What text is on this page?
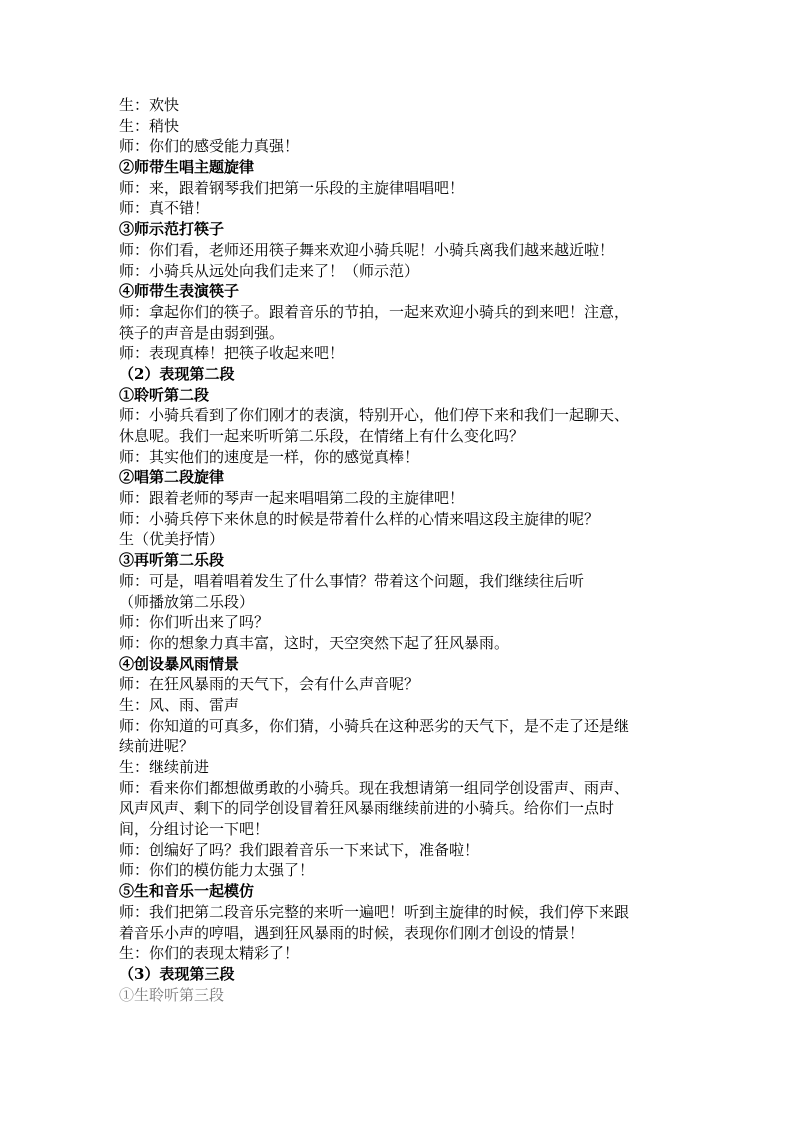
生：欢快
生：稍快
师：你们的感受能力真强！
②师带生唱主题旋律
师：来，跟着钢琴我们把第一乐段的主旋律唱唱吧！
师：真不错！
③师示范打筷子
师：你们看，老师还用筷子舞来欢迎小骑兵呢！小骑兵离我们越来越近啦！
师：小骑兵从远处向我们走来了！（师示范）
④师带生表演筷子
师：拿起你们的筷子。跟着音乐的节拍，一起来欢迎小骑兵的到来吧！注意，
筷子的声音是由弱到强。
师：表现真棒！把筷子收起来吧！
（2）表现第二段
①聆听第二段
师：小骑兵看到了你们刚才的表演，特别开心，他们停下来和我们一起聊天、
休息呢。我们一起来听听第二乐段，在情绪上有什么变化吗？
师：其实他们的速度是一样，你的感觉真棒！
②唱第二段旋律
师：跟着老师的琴声一起来唱唱第二段的主旋律吧！
师：小骑兵停下来休息的时候是带着什么样的心情来唱这段主旋律的呢？
生（优美抒情）
③再听第二乐段
师：可是，唱着唱着发生了什么事情？带着这个问题，我们继续往后听
（师播放第二乐段）
师：你们听出来了吗？
师：你的想象力真丰富，这时，天空突然下起了狂风暴雨。
④创设暴风雨情景
师：在狂风暴雨的天气下，会有什么声音呢？
生：风、雨、雷声
师：你知道的可真多，你们猜，小骑兵在这种恶劣的天气下，是不走了还是继
续前进呢？
生：继续前进
师：看来你们都想做勇敢的小骑兵。现在我想请第一组同学创设雷声、雨声、
风声风声、剩下的同学创设冒着狂风暴雨继续前进的小骑兵。给你们一点时
间，分组讨论一下吧！
师：创编好了吗？我们跟着音乐一下来试下，准备啦！
师：你们的模仿能力太强了！
⑤生和音乐一起模仿
师：我们把第二段音乐完整的来听一遍吧！听到主旋律的时候，我们停下来跟
着音乐小声的哼唱，遇到狂风暴雨的时候，表现你们刚才创设的情景！
生：你们的表现太精彩了！
（3）表现第三段
①生聆听第三段
